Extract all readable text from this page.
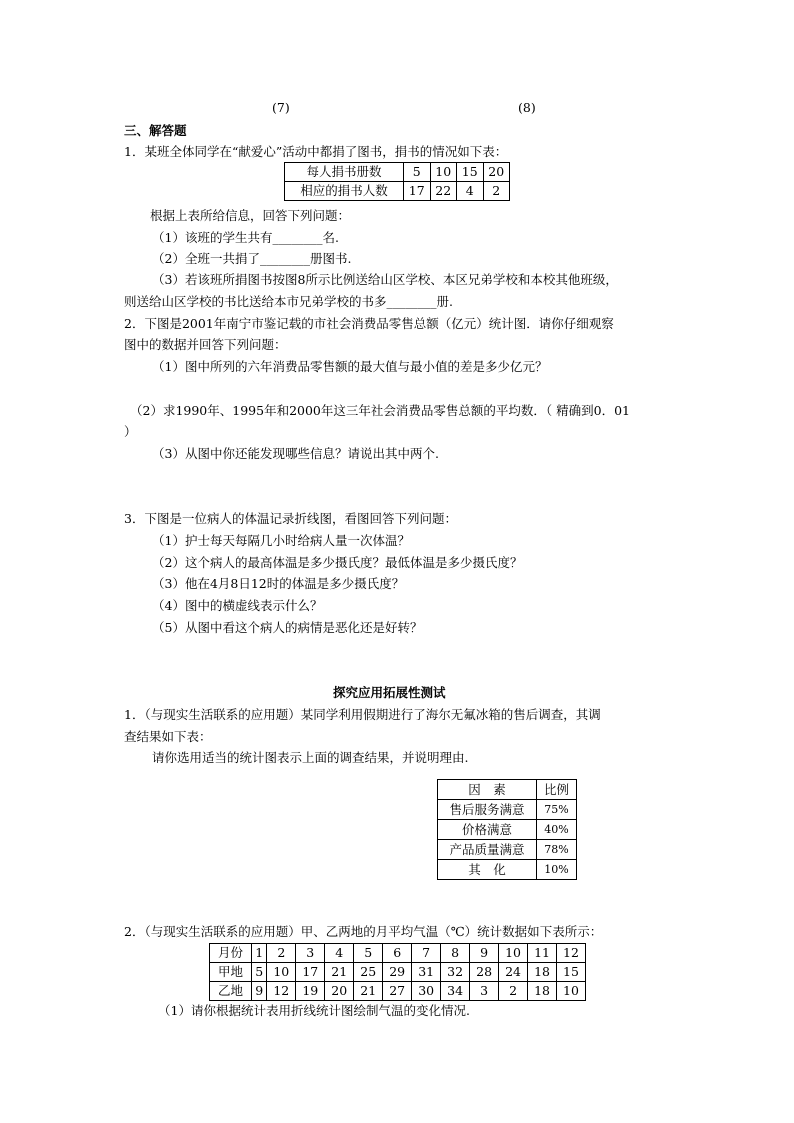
(7)	(8)
三、解答题
1．某班全体同学在“献爱心”活动中都捐了图书，捐书的情况如下表：
每人捐书册数	5	10	15	20
相应的捐书人数	17	22	4	2
根据上表所给信息，回答下列问题：
（1）该班的学生共有________名.
（2）全班一共捐了________册图书.
（3）若该班所捐图书按图8所示比例送给山区学校、本区兄弟学校和本校其他班级，
则送给山区学校的书比送给本市兄弟学校的书多________册.
2．下图是2001年南宁市鉴记载的市社会消费品零售总额（亿元）统计图．请你仔细观察
图中的数据并回答下列问题：
（1）图中所列的六年消费品零售额的最大值与最小值的差是多少亿元？
（2）求1990年、1995年和2000年这三年社会消费品零售总额的平均数．（ 精确到0．01
）
（3）从图中你还能发现哪些信息？请说出其中两个.
3．下图是一位病人的体温记录折线图，看图回答下列问题：
（1）护士每天每隔几小时给病人量一次体温？
（2）这个病人的最高体温是多少摄氏度？最低体温是多少摄氏度？
（3）他在4月8日12时的体温是多少摄氏度？
（4）图中的横虚线表示什么？
（5）从图中看这个病人的病情是恶化还是好转？
探究应用拓展性测试
1．（与现实生活联系的应用题）某同学利用假期进行了海尔无氟冰箱的售后调查，其调
查结果如下表：
请你选用适当的统计图表示上面的调查结果，并说明理由.
因　素	比例
售后服务满意	75%
价格满意	40%
产品质量满意	78%
其　化	10%
2．（与现实生活联系的应用题）甲、乙两地的月平均气温（℃）统计数据如下表所示：
月份	1	2	3	4	5	6	7	8	9	10	11	12
甲地	5	10	17	21	25	29	31	32	28	24	18	15
乙地	9	12	19	20	21	27	30	34	3	2	18	10
（1）请你根据统计表用折线统计图绘制气温的变化情况.
